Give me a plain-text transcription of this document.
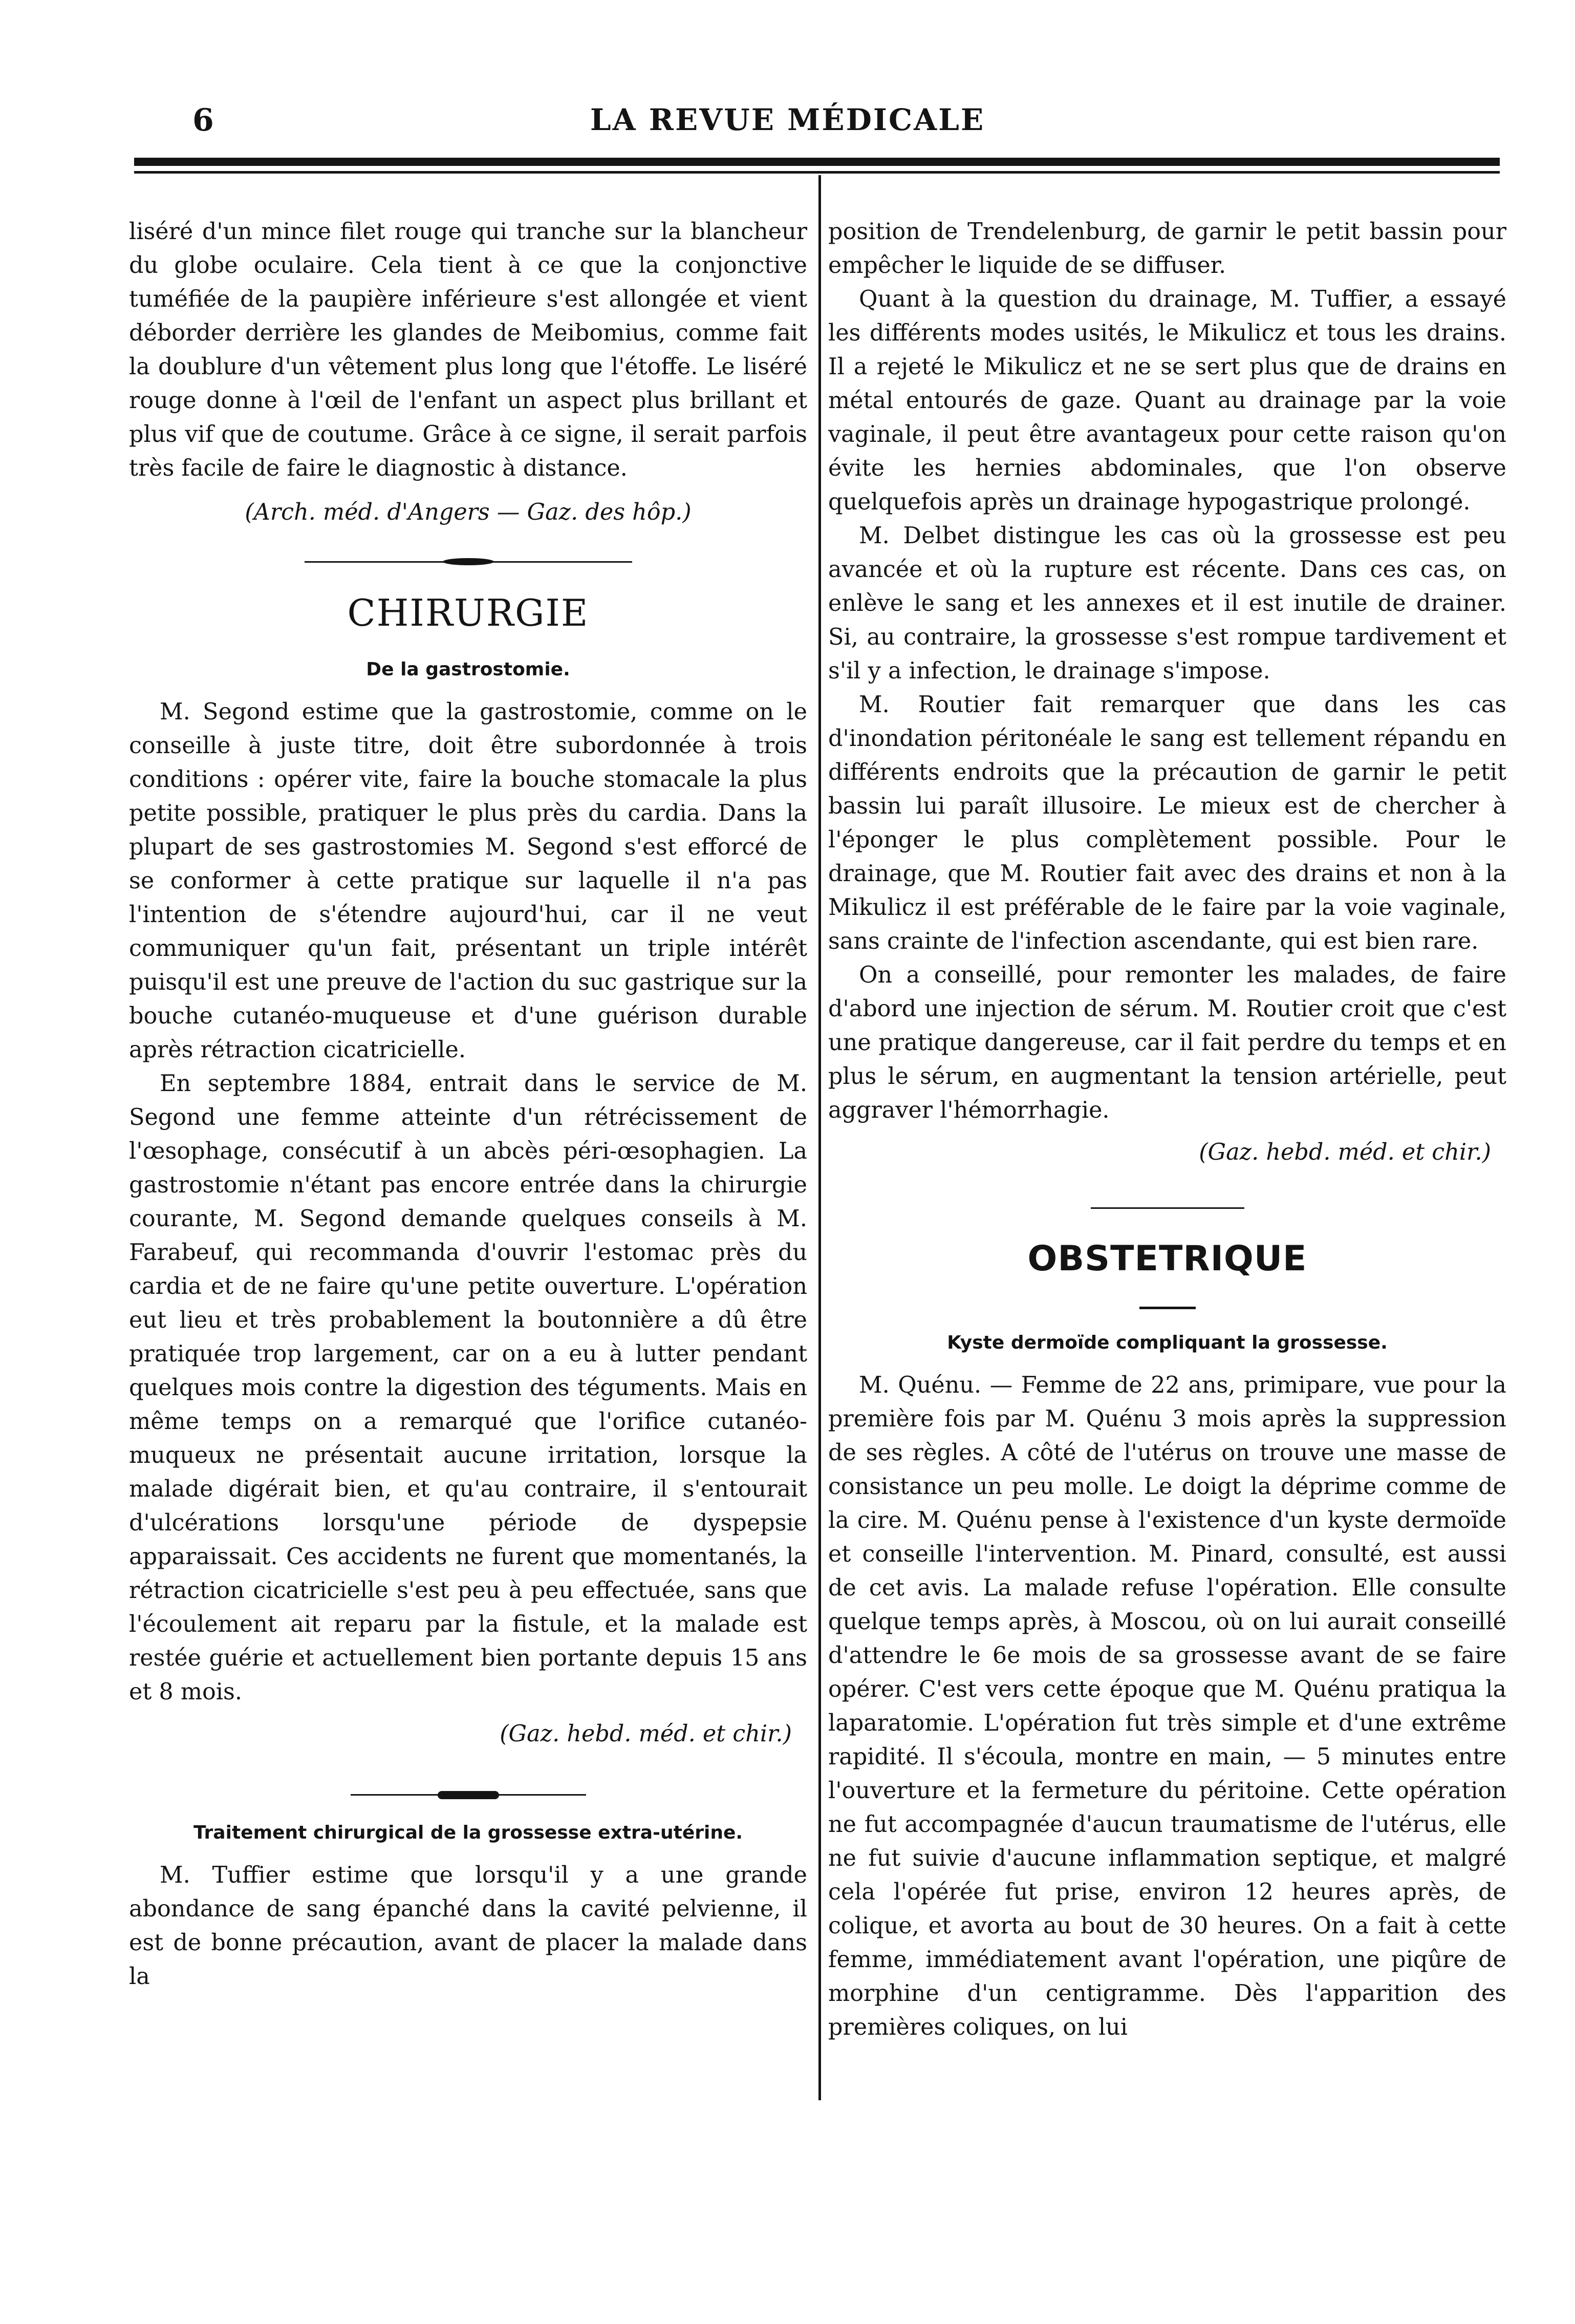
6	LA REVUE MÉDICALE

liséré d'un mince filet rouge qui tranche sur la blancheur du globe oculaire. Cela tient à ce que la conjonctive tuméfiée de la paupière inférieure s'est allongée et vient déborder derrière les glandes de Meibomius, comme fait la doublure d'un vêtement plus long que l'étoffe. Le liséré rouge donne à l'œil de l'enfant un aspect plus brillant et plus vif que de coutume. Grâce à ce signe, il serait parfois très facile de faire le diagnostic à distance.

(Arch. méd. d'Angers — Gaz. des hôp.)

CHIRURGIE
De la gastrostomie.

M. Segond estime que la gastrostomie, comme on le conseille à juste titre, doit être subordonnée à trois conditions : opérer vite, faire la bouche stomacale la plus petite possible, pratiquer le plus près du cardia. Dans la plupart de ses gastrostomies M. Segond s'est efforcé de se conformer à cette pratique sur laquelle il n'a pas l'intention de s'étendre aujourd'hui, car il ne veut communiquer qu'un fait, présentant un triple intérêt puisqu'il est une preuve de l'action du suc gastrique sur la bouche cutanéo-muqueuse et d'une guérison durable après rétraction cicatricielle.

En septembre 1884, entrait dans le service de M. Segond une femme atteinte d'un rétrécissement de l'œsophage, consécutif à un abcès péri-œsophagien. La gastrostomie n'étant pas encore entrée dans la chirurgie courante, M. Segond demande quelques conseils à M. Farabeuf, qui recommanda d'ouvrir l'estomac près du cardia et de ne faire qu'une petite ouverture. L'opération eut lieu et très probablement la boutonnière a dû être pratiquée trop largement, car on a eu à lutter pendant quelques mois contre la digestion des téguments. Mais en même temps on a remarqué que l'orifice cutanéo-muqueux ne présentait aucune irritation, lorsque la malade digérait bien, et qu'au contraire, il s'entourait d'ulcérations lorsqu'une période de dyspepsie apparaissait. Ces accidents ne furent que momentanés, la rétraction cicatricielle s'est peu à peu effectuée, sans que l'écoulement ait reparu par la fistule, et la malade est restée guérie et actuellement bien portante depuis 15 ans et 8 mois.

(Gaz. hebd. méd. et chir.)

Traitement chirurgical de la grossesse extra-utérine.

M. Tuffier estime que lorsqu'il y a une grande abondance de sang épanché dans la cavité pelvienne, il est de bonne précaution, avant de placer la malade dans la

position de Trendelenburg, de garnir le petit bassin pour empêcher le liquide de se diffuser.

Quant à la question du drainage, M. Tuffier, a essayé les différents modes usités, le Mikulicz et tous les drains. Il a rejeté le Mikulicz et ne se sert plus que de drains en métal entourés de gaze. Quant au drainage par la voie vaginale, il peut être avantageux pour cette raison qu'on évite les hernies abdominales, que l'on observe quelquefois après un drainage hypogastrique prolongé.

M. Delbet distingue les cas où la grossesse est peu avancée et où la rupture est récente. Dans ces cas, on enlève le sang et les annexes et il est inutile de drainer. Si, au contraire, la grossesse s'est rompue tardivement et s'il y a infection, le drainage s'impose.

M. Routier fait remarquer que dans les cas d'inondation péritonéale le sang est tellement répandu en différents endroits que la précaution de garnir le petit bassin lui paraît illusoire. Le mieux est de chercher à l'éponger le plus complètement possible. Pour le drainage, que M. Routier fait avec des drains et non à la Mikulicz il est préférable de le faire par la voie vaginale, sans crainte de l'infection ascendante, qui est bien rare.

On a conseillé, pour remonter les malades, de faire d'abord une injection de sérum. M. Routier croit que c'est une pratique dangereuse, car il fait perdre du temps et en plus le sérum, en augmentant la tension artérielle, peut aggraver l'hémorrhagie.

(Gaz. hebd. méd. et chir.)

OBSTETRIQUE
Kyste dermoïde compliquant la grossesse.

M. Quénu. — Femme de 22 ans, primipare, vue pour la première fois par M. Quénu 3 mois après la suppression de ses règles. A côté de l'utérus on trouve une masse de consistance un peu molle. Le doigt la déprime comme de la cire. M. Quénu pense à l'existence d'un kyste dermoïde et conseille l'intervention. M. Pinard, consulté, est aussi de cet avis. La malade refuse l'opération. Elle consulte quelque temps après, à Moscou, où on lui aurait conseillé d'attendre le 6e mois de sa grossesse avant de se faire opérer. C'est vers cette époque que M. Quénu pratiqua la laparatomie. L'opération fut très simple et d'une extrême rapidité. Il s'écoula, montre en main, — 5 minutes entre l'ouverture et la fermeture du péritoine. Cette opération ne fut accompagnée d'aucun traumatisme de l'utérus, elle ne fut suivie d'aucune inflammation septique, et malgré cela l'opérée fut prise, environ 12 heures après, de colique, et avorta au bout de 30 heures. On a fait à cette femme, immédiatement avant l'opération, une piqûre de morphine d'un centigramme. Dès l'apparition des premières coliques, on lui
